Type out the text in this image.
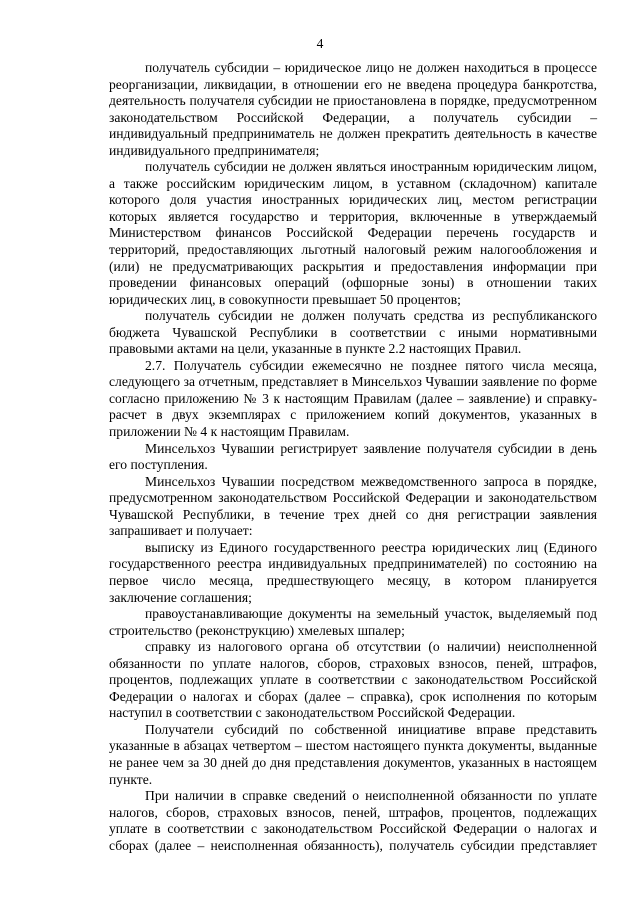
4

получатель субсидии – юридическое лицо не должен находиться в процессе реорганизации, ликвидации, в отношении его не введена процедура банкротства, деятельность получателя субсидии не приостановлена в порядке, предусмотренном законодательством Российской Федерации, а получатель субсидии – индивидуальный предприниматель не должен прекратить деятельность в качестве индивидуального предпринимателя;

получатель субсидии не должен являться иностранным юридическим лицом, а также российским юридическим лицом, в уставном (складочном) капитале которого доля участия иностранных юридических лиц, местом регистрации которых является государство и территория, включенные в утверждаемый Министерством финансов Российской Федерации перечень государств и территорий, предоставляющих льготный налоговый режим налогообложения и (или) не предусматривающих раскрытия и предоставления информации при проведении финансовых операций (офшорные зоны) в отношении таких юридических лиц, в совокупности превышает 50 процентов;

получатель субсидии не должен получать средства из республиканского бюджета Чувашской Республики в соответствии с иными нормативными правовыми актами на цели, указанные в пункте 2.2 настоящих Правил.

2.7. Получатель субсидии ежемесячно не позднее пятого числа месяца, следующего за отчетным, представляет в Минсельхоз Чувашии заявление по форме согласно приложению № 3 к настоящим Правилам (далее – заявление) и справку-расчет в двух экземплярах с приложением копий документов, указанных в приложении № 4 к настоящим Правилам.

Минсельхоз Чувашии регистрирует заявление получателя субсидии в день его поступления.

Минсельхоз Чувашии посредством межведомственного запроса в порядке, предусмотренном законодательством Российской Федерации и законодательством Чувашской Республики, в течение трех дней со дня регистрации заявления запрашивает и получает:

выписку из Единого государственного реестра юридических лиц (Единого государственного реестра индивидуальных предпринимателей) по состоянию на первое число месяца, предшествующего месяцу, в котором планируется заключение соглашения;

правоустанавливающие документы на земельный участок, выделяемый под строительство (реконструкцию) хмелевых шпалер;

справку из налогового органа об отсутствии (о наличии) неисполненной обязанности по уплате налогов, сборов, страховых взносов, пеней, штрафов, процентов, подлежащих уплате в соответствии с законодательством Российской Федерации о налогах и сборах (далее – справка), срок исполнения по которым наступил в соответствии с законодательством Российской Федерации.

Получатели субсидий по собственной инициативе вправе представить указанные в абзацах четвертом – шестом настоящего пункта документы, выданные не ранее чем за 30 дней до дня представления документов, указанных в настоящем пункте.

При наличии в справке сведений о неисполненной обязанности по уплате налогов, сборов, страховых взносов, пеней, штрафов, процентов, подлежащих уплате в соответствии с законодательством Российской Федерации о налогах и сборах (далее – неисполненная обязанность), получатель субсидии представляет
